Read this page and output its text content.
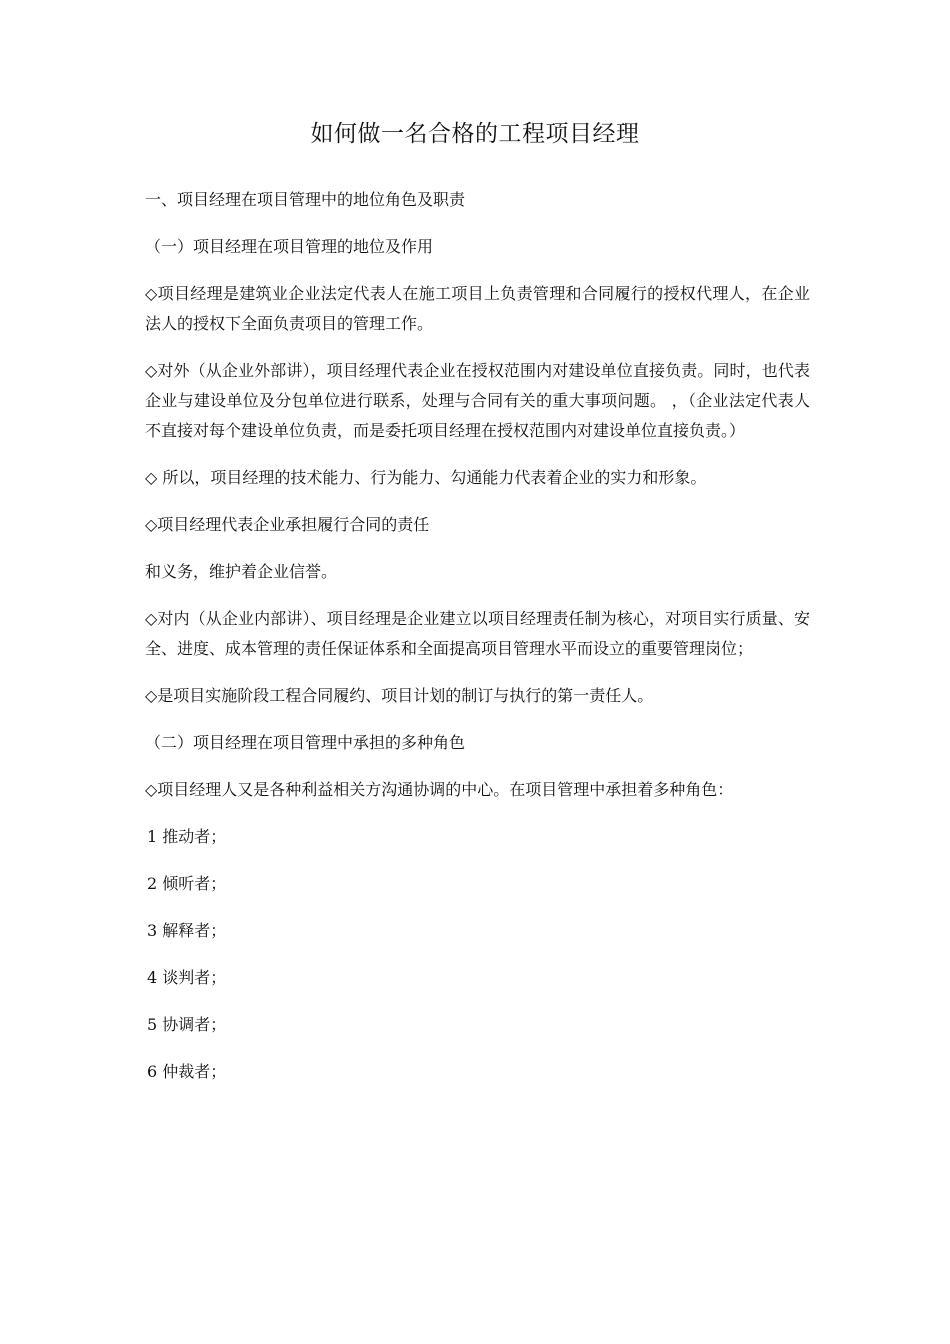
如何做一名合格的工程项目经理

一、项目经理在项目管理中的地位角色及职责

（一）项目经理在项目管理的地位及作用

◇项目经理是建筑业企业法定代表人在施工项目上负责管理和合同履行的授权代理人，在企业法人的授权下全面负责项目的管理工作。

◇对外（从企业外部讲），项目经理代表企业在授权范围内对建设单位直接负责。同时，也代表企业与建设单位及分包单位进行联系，处理与合同有关的重大事项问题。 ，（企业法定代表人不直接对每个建设单位负责，而是委托项目经理在授权范围内对建设单位直接负责。）

◇ 所以，项目经理的技术能力、行为能力、勾通能力代表着企业的实力和形象。

◇项目经理代表企业承担履行合同的责任

和义务，维护着企业信誉。

◇对内（从企业内部讲）、项目经理是企业建立以项目经理责任制为核心，对项目实行质量、安全、进度、成本管理的责任保证体系和全面提高项目管理水平而设立的重要管理岗位；

◇是项目实施阶段工程合同履约、项目计划的制订与执行的第一责任人。

（二）项目经理在项目管理中承担的多种角色

◇项目经理人又是各种利益相关方沟通协调的中心。在项目管理中承担着多种角色：

1 推动者；

2 倾听者；

3 解释者；

4 谈判者；

5 协调者；

6 仲裁者；
